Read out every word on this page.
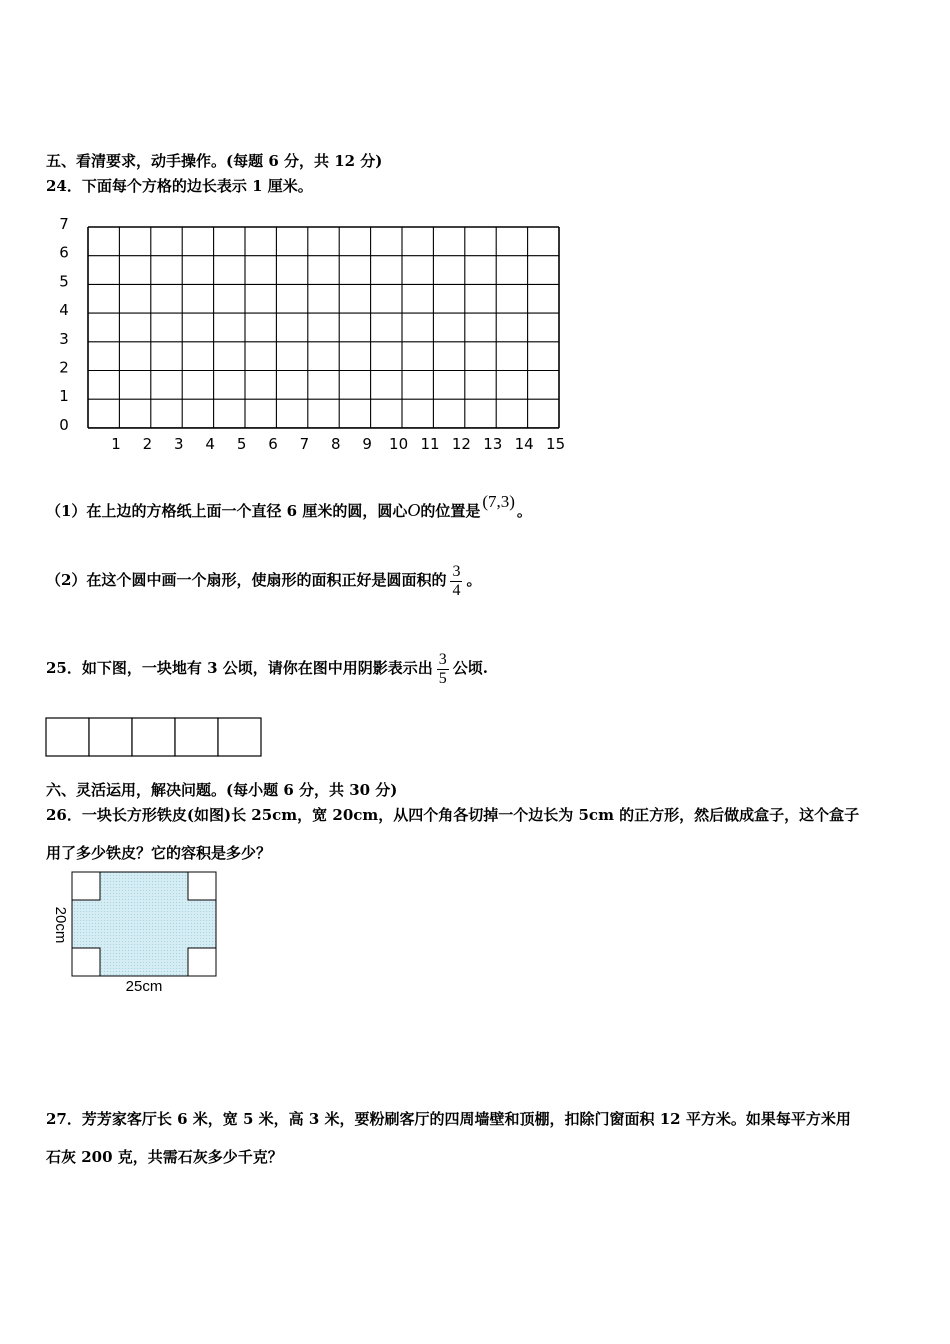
五、看清要求，动手操作。(每题 6 分，共 12 分)
24．下面每个方格的边长表示 1 厘米。
7
6
5
4
3
2
1
0
1 2 3 4 5 6 7 8 9 10 11 12 13 14 15
（1）在上边的方格纸上面一个直径 6 厘米的圆，圆心O的位置是 (7,3) 。
（2）在这个圆中画一个扇形，使扇形的面积正好是圆面积的 $\frac{3}{4}$ 。
25．如下图，一块地有 3 公顷，请你在图中用阴影表示出 $\frac{3}{5}$ 公顷.
六、灵活运用，解决问题。(每小题 6 分，共 30 分)
26．一块长方形铁皮(如图)长 25cm，宽 20cm，从四个角各切掉一个边长为 5cm 的正方形，然后做成盒子，这个盒子
用了多少铁皮？它的容积是多少？
20cm
25cm
27．芳芳家客厅长 6 米，宽 5 米，高 3 米，要粉刷客厅的四周墙壁和顶棚，扣除门窗面积 12 平方米。如果每平方米用
石灰 200 克，共需石灰多少千克？
